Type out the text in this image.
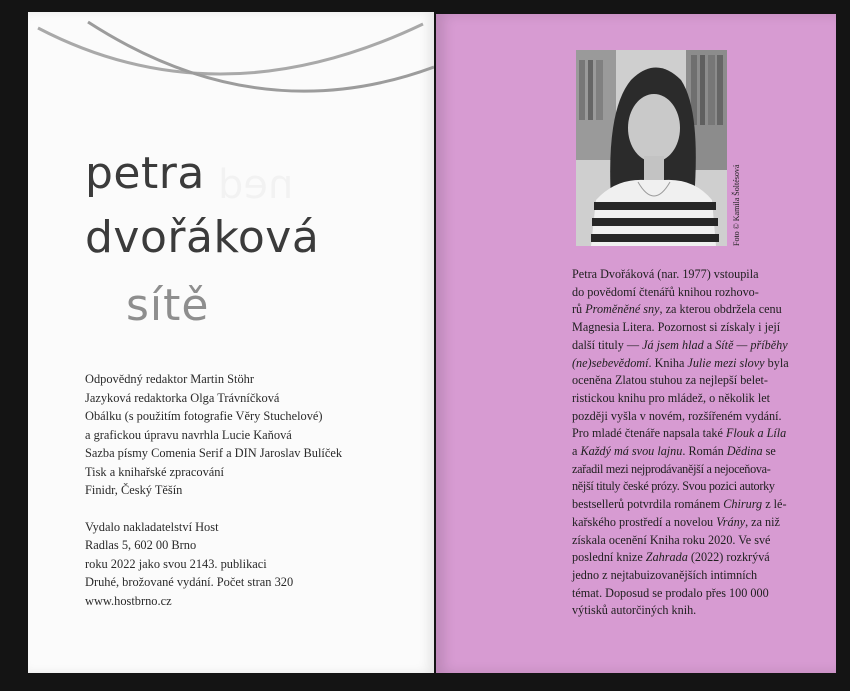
petra
dvořáková
sítě
Odpovědný redaktor Martin Stöhr
Jazyková redaktorka Olga Trávníčková
Obálku (s použitím fotografie Věry Stuchelové)
a grafickou úpravu navrhla Lucie Kaňová
Sazba písmy Comenia Serif a DIN Jaroslav Bulíček
Tisk a knihařské zpracování
Finidr, Český Těšín
Vydalo nakladatelství Host
Radlas 5, 602 00 Brno
roku 2022 jako svou 2143. publikaci
Druhé, brožované vydání. Počet stran 320
www.hostbrno.cz
Foto © Kamila Šoltésová
Petra Dvořáková (nar. 1977) vstoupila
do povědomí čtenářů knihou rozhovo-
rů Proměněné sny, za kterou obdržela cenu
Magnesia Litera. Pozornost si získaly i její
další tituly — Já jsem hlad a Sítě — příběhy
(ne)sebevědomí. Kniha Julie mezi slovy byla
oceněna Zlatou stuhou za nejlepší belet-
ristickou knihu pro mládež, o několik let
později vyšla v novém, rozšířeném vydání.
Pro mladé čtenáře napsala také Flouk a Líla
a Každý má svou lajnu. Román Dědina se
zařadil mezi nejprodávanější a nejoceňova-
nější tituly české prózy. Svou pozici autorky
bestsellerů potvrdila románem Chirurg z lé-
kařského prostředí a novelou Vrány, za niž
získala ocenění Kniha roku 2020. Ve své
poslední knize Zahrada (2022) rozkrývá
jedno z nejtabuizovanějších intimních
témat. Doposud se prodalo přes 100 000
výtisků autorčiných knih.
